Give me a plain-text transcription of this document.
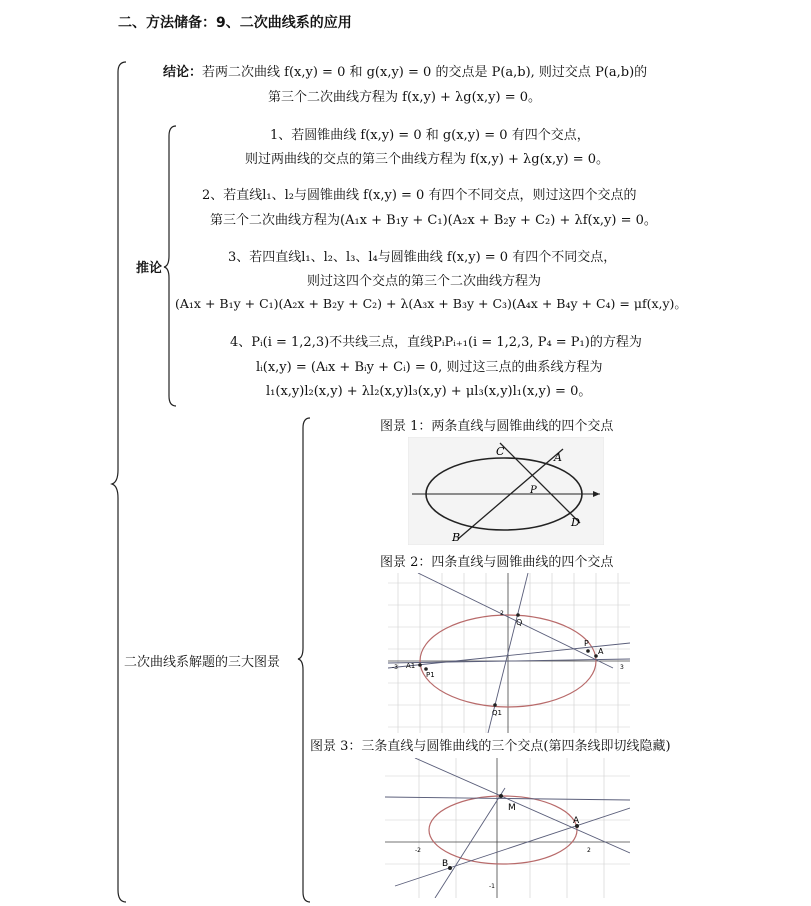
二、方法储备：9、二次曲线系的应用
结论：若两二次曲线 f(x,y) = 0 和 g(x,y) = 0 的交点是 P(a,b), 则过交点 P(a,b)的
第三个二次曲线方程为 f(x,y) + λg(x,y) = 0。
推论
1、若圆锥曲线 f(x,y) = 0 和 g(x,y) = 0 有四个交点，
则过两曲线的交点的第三个曲线方程为 f(x,y) + λg(x,y) = 0。
2、若直线l₁、l₂与圆锥曲线 f(x,y) = 0 有四个不同交点，则过这四个交点的
第三个二次曲线方程为(A₁x + B₁y + C₁)(A₂x + B₂y + C₂) + λf(x,y) = 0。
3、若四直线l₁、l₂、l₃、l₄与圆锥曲线 f(x,y) = 0 有四个不同交点，
则过这四个交点的第三个二次曲线方程为
(A₁x + B₁y + C₁)(A₂x + B₂y + C₂) + λ(A₃x + B₃y + C₃)(A₄x + B₄y + C₄) = μf(x,y)。
4、Pᵢ(i = 1,2,3)不共线三点，直线PᵢPᵢ₊₁(i = 1,2,3, P₄ = P₁)的方程为
lᵢ(x,y) = (Aᵢx + Bᵢy + Cᵢ) = 0, 则过这三点的曲系线方程为
l₁(x,y)l₂(x,y) + λl₂(x,y)l₃(x,y) + μl₃(x,y)l₁(x,y) = 0。
二次曲线系解题的三大图景
图景 1：两条直线与圆锥曲线的四个交点
图景 2：四条直线与圆锥曲线的四个交点
图景 3：三条直线与圆锥曲线的三个交点(第四条线即切线隐藏)
A
B
C
D
P
Q
P
A
A1
P1
Q1
2
-3	3
M
A
B
-2	2
-1
